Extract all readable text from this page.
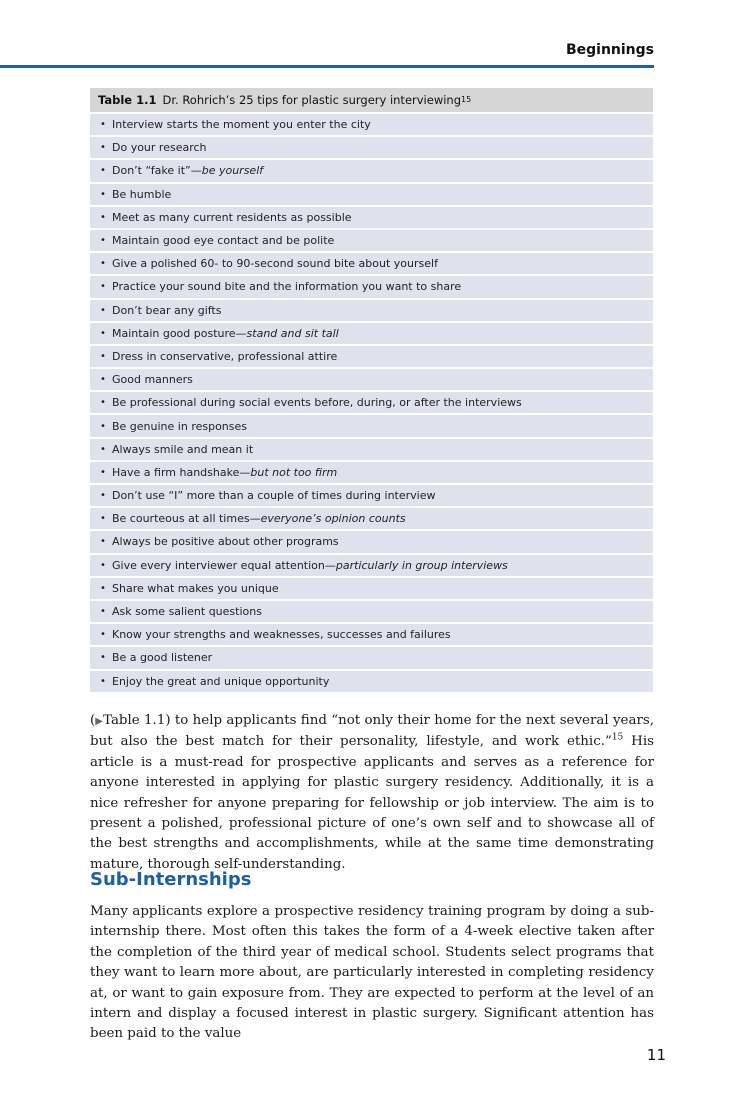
Beginnings
Table 1.1 Dr. Rohrich’s 25 tips for plastic surgery interviewing 15
• Interview starts the moment you enter the city
• Do your research
• Don’t “fake it”— be yourself
• Be humble
• Meet as many current residents as possible
• Maintain good eye contact and be polite
• Give a polished 60- to 90-second sound bite about yourself
• Practice your sound bite and the information you want to share
• Don’t bear any gifts
• Maintain good posture— stand and sit tall
• Dress in conservative, professional attire
• Good manners
• Be professional during social events before, during, or after the interviews
• Be genuine in responses
• Always smile and mean it
• Have a firm handshake— but not too firm
• Don’t use “I” more than a couple of times during interview
• Be courteous at all times— everyone’s opinion counts
• Always be positive about other programs
• Give every interviewer equal attention— particularly in group interviews
• Share what makes you unique
• Ask some salient questions
• Know your strengths and weaknesses, successes and failures
• Be a good listener
• Enjoy the great and unique opportunity

(▶Table 1.1) to help applicants find “not only their home for the next several years, but also the best match for their personality, lifestyle, and work ethic.”$^{15}$ His article is a must-read for prospective applicants and serves as a reference for anyone interested in applying for plastic surgery residency. Additionally, it is a nice refresher for anyone preparing for fellowship or job interview. The aim is to present a polished, professional picture of one’s own self and to showcase all of the best strengths and accomplishments, while at the same time demonstrating mature, thorough self-understanding.

Sub-Internships

Many applicants explore a prospective residency training program by doing a sub-internship there. Most often this takes the form of a 4-week elective taken after the completion of the third year of medical school. Students select programs that they want to learn more about, are particularly interested in completing residency at, or want to gain exposure from. They are expected to perform at the level of an intern and display a focused interest in plastic surgery. Significant attention has been paid to the value

11
